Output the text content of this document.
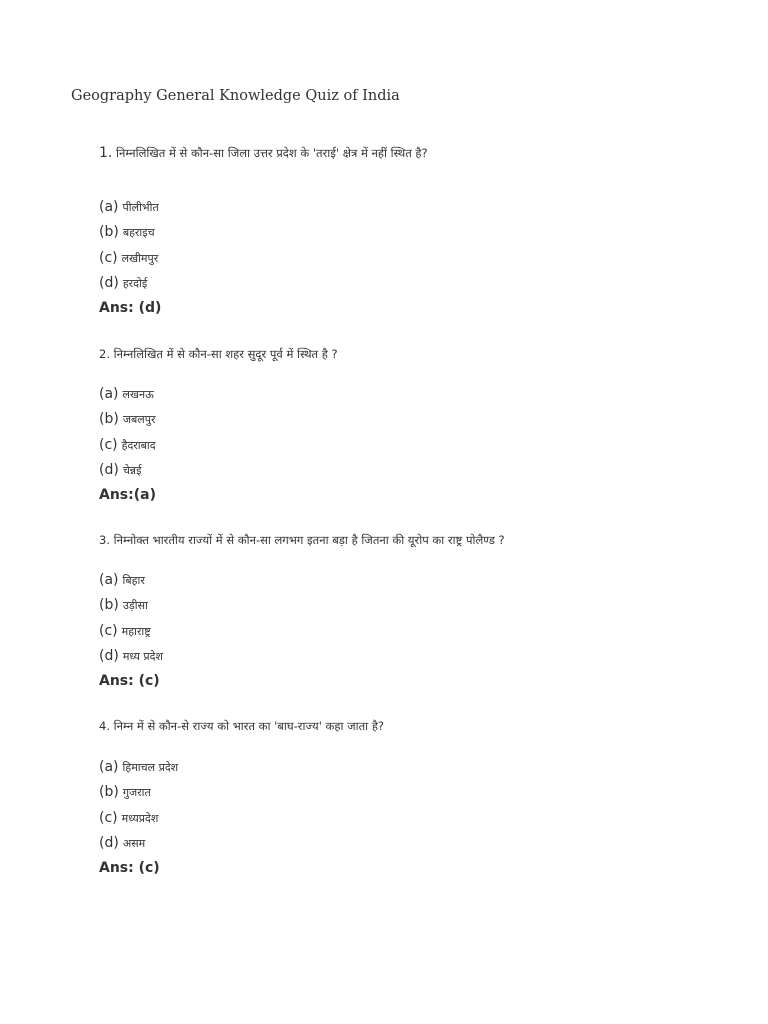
Geography General Knowledge Quiz of India
1. निम्नलिखित में से कौन-सा जिला उत्तर प्रदेश के 'तराई' क्षेत्र में नहीं स्थित है?
(a) पीलीभीत
(b) बहराइच
(c) लखीमपुर
(d) हरदोई
Ans: (d)
2. निम्नलिखित में से कौन-सा शहर सुदूर पूर्व में स्थित है ?
(a) लखनऊ
(b) जबलपुर
(c) हैदराबाद
(d) चेन्नई
Ans:(a)
3. निम्नोक्त भारतीय राज्यों में से कौन-सा लगभग इतना बड़ा है जितना की यूरोप का राष्ट्र पोलैण्ड ?
(a) बिहार
(b) उड़ीसा
(c) महाराष्ट्र
(d) मध्य प्रदेश
Ans: (c)
4. निम्न में से कौन-से राज्य को भारत का 'बाघ-राज्य' कहा जाता है?
(a) हिमाचल प्रदेश
(b) गुजरात
(c) मध्यप्रदेश
(d) असम
Ans: (c)
